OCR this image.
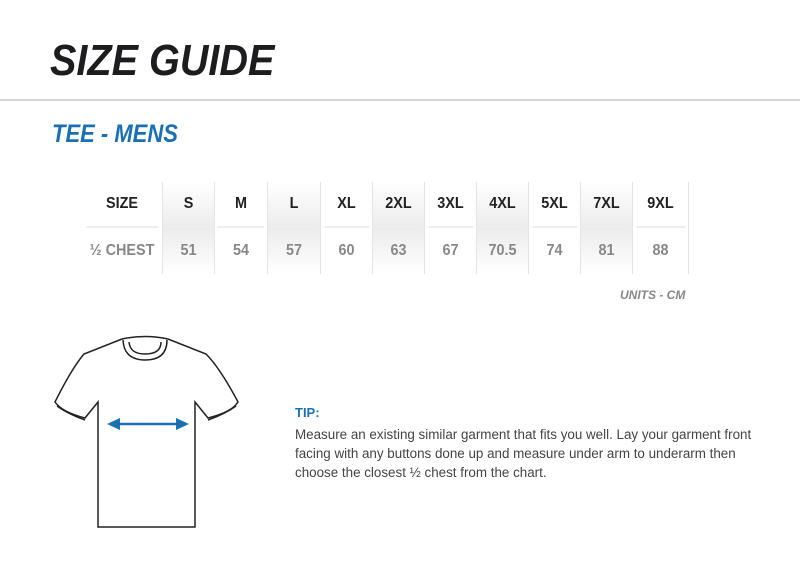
SIZE GUIDE
TEE - MENS
SIZE
½ CHEST
S
51
M
54
L
57
XL
60
2XL
63
3XL
67
4XL
70.5
5XL
74
7XL
81
9XL
88
UNITS - CM
TIP:
Measure an existing similar garment that fits you well. Lay your garment front facing with any buttons done up and measure under arm to underarm then choose the closest ½ chest from the chart.
